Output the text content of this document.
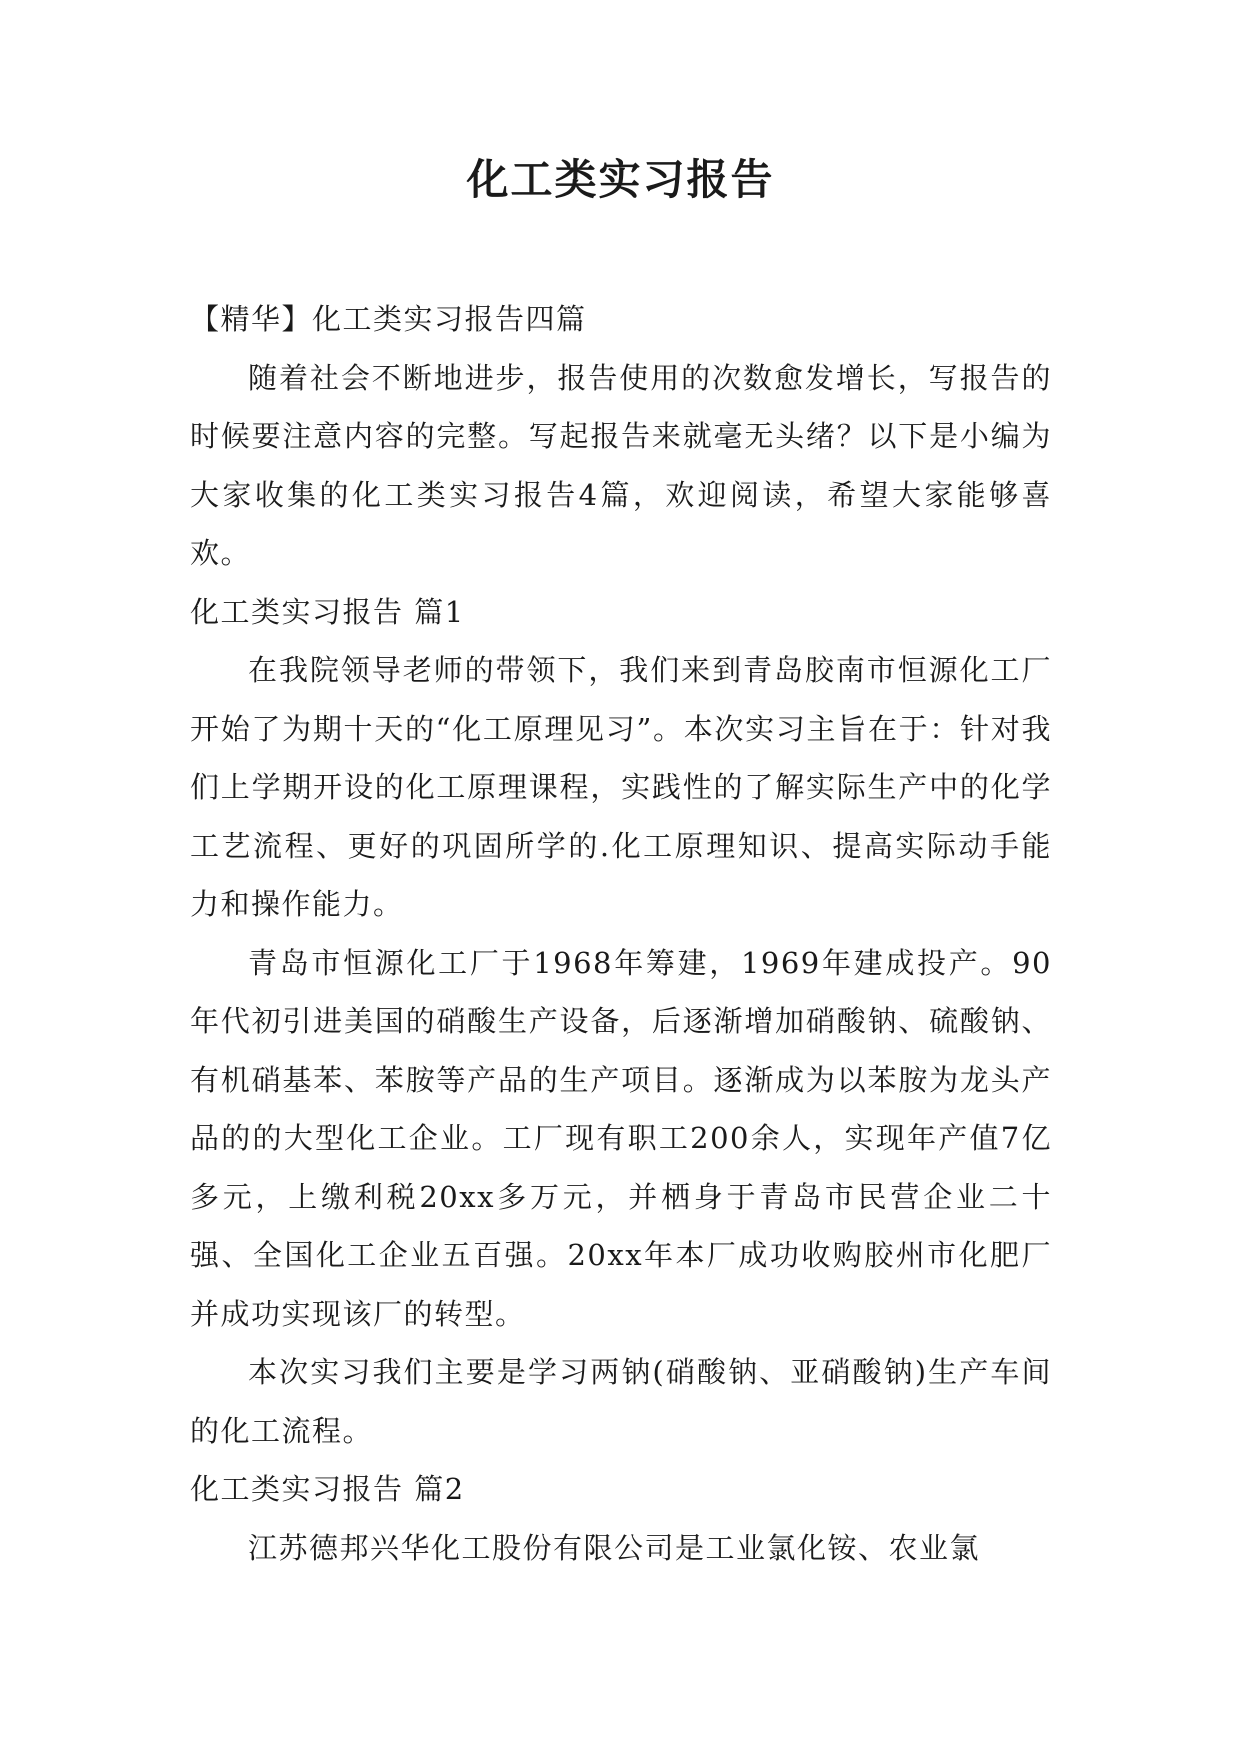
化工类实习报告

【精华】化工类实习报告四篇

随着社会不断地进步，报告使用的次数愈发增长，写报告的时候要注意内容的完整。写起报告来就毫无头绪？以下是小编为大家收集的化工类实习报告4篇，欢迎阅读，希望大家能够喜欢。

化工类实习报告 篇1

在我院领导老师的带领下，我们来到青岛胶南市恒源化工厂开始了为期十天的“化工原理见习”。本次实习主旨在于：针对我们上学期开设的化工原理课程，实践性的了解实际生产中的化学工艺流程、更好的巩固所学的.化工原理知识、提高实际动手能力和操作能力。

青岛市恒源化工厂于1968年筹建，1969年建成投产。90年代初引进美国的硝酸生产设备，后逐渐增加硝酸钠、硫酸钠、有机硝基苯、苯胺等产品的生产项目。逐渐成为以苯胺为龙头产品的的大型化工企业。工厂现有职工200余人，实现年产值7亿多元，上缴利税20xx多万元，并栖身于青岛市民营企业二十强、全国化工企业五百强。20xx年本厂成功收购胶州市化肥厂并成功实现该厂的转型。

本次实习我们主要是学习两钠(硝酸钠、亚硝酸钠)生产车间的化工流程。

化工类实习报告 篇2

江苏德邦兴华化工股份有限公司是工业氯化铵、农业氯
